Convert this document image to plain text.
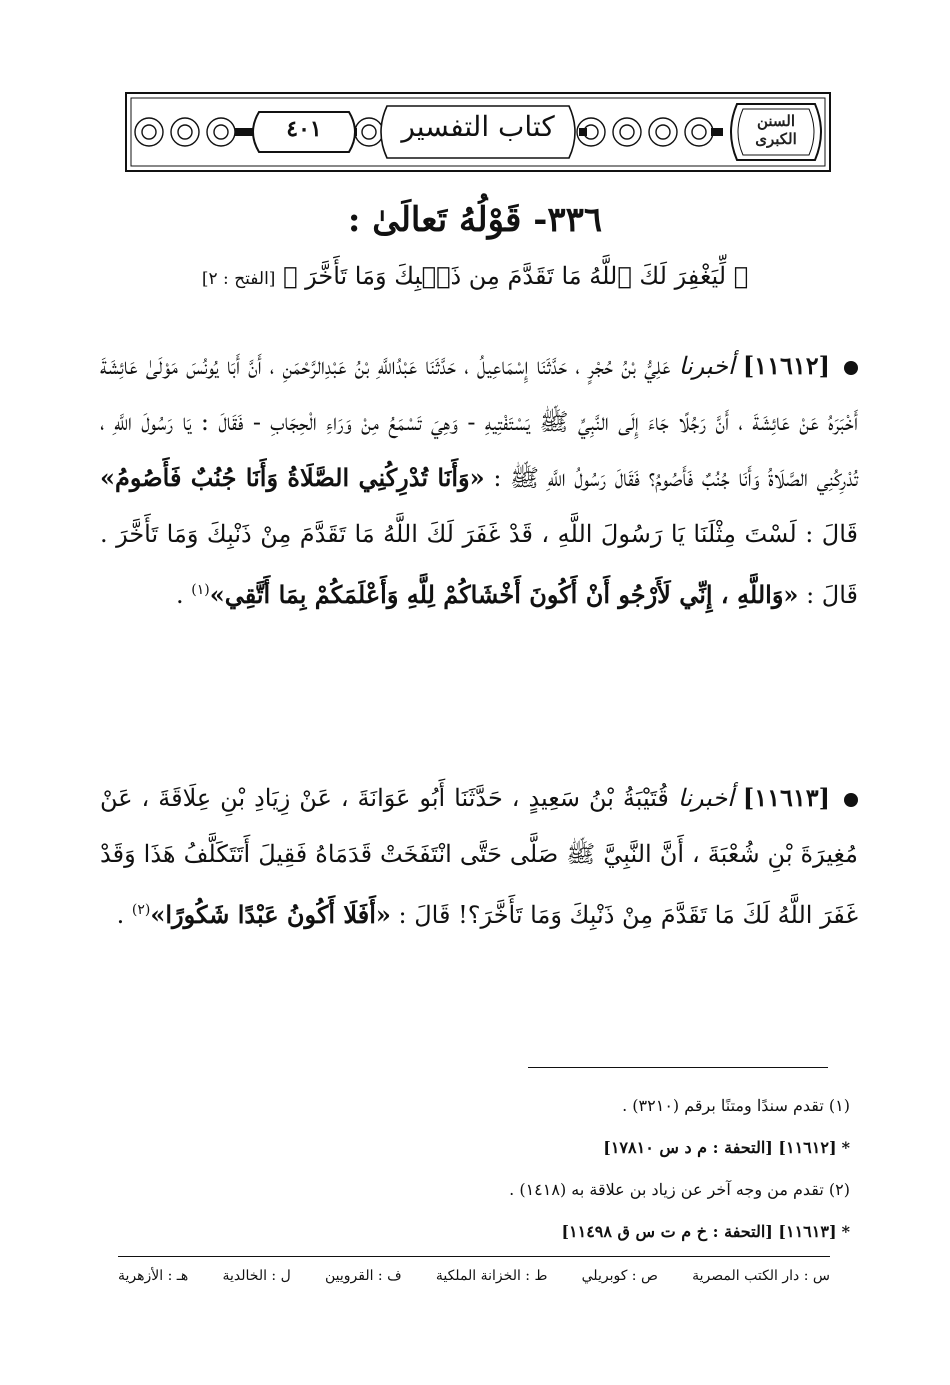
٤٠١	كتاب التفسير	السنن الكبرى
٣٣٦- قَوْلُهُ تَعالَىٰ :
﴿ لِّيَغْفِرَ لَكَ ٱللَّهُ مَا تَقَدَّمَ مِن ذَنۢبِكَ وَمَا تَأَخَّرَ ﴾ [الفتح : ٢]
[١١٦١٢] أخبرنا عَلِيُّ بْنُ حُجْرٍ ، حَدَّثَنَا إِسْمَاعِيلُ ، حَدَّثَنَا عَبْدُاللَّهِ بْنُ عَبْدِالرَّحْمَنِ ، أَنَّ أَبَا يُونُسَ مَوْلَىٰ عَائِشَةَ أَخْبَرَهُ عَنْ عَائِشَةَ ، أَنَّ رَجُلًا جَاءَ إِلَى النَّبِيِّ ﷺ يَسْتَفْتِيهِ - وَهِيَ تَسْمَعُ مِنْ وَرَاءِ الْحِجَابِ - فَقَالَ : يَا رَسُولَ اللَّهِ ، تُدْرِكُنِي الصَّلَاةُ وَأَنَا جُنُبٌ فَأَصُومُ؟ فَقَالَ رَسُولُ اللَّهِ ﷺ : «وَأَنَا تُدْرِكُنِي الصَّلَاةُ وَأَنَا جُنُبٌ فَأَصُومُ» قَالَ : لَسْتَ مِثْلَنَا يَا رَسُولَ اللَّهِ ، قَدْ غَفَرَ لَكَ اللَّهُ مَا تَقَدَّمَ مِنْ ذَنْبِكَ وَمَا تَأَخَّرَ . قَالَ : «وَاللَّهِ ، إِنِّي لَأَرْجُو أَنْ أَكُونَ أَخْشَاكُمْ لِلَّهِ وَأَعْلَمَكُمْ بِمَا أَتَّقِي»$^{(١)}$ .
[١١٦١٣] أخبرنا قُتَيْبَةُ بْنُ سَعِيدٍ ، حَدَّثَنَا أَبُو عَوَانَةَ ، عَنْ زِيَادِ بْنِ عِلَاقَةَ ، عَنْ مُغِيرَةَ بْنِ شُعْبَةَ ، أَنَّ النَّبِيَّ ﷺ صَلَّى حَتَّى انْتَفَخَتْ قَدَمَاهُ فَقِيلَ أَتَتَكَلَّفُ هَذَا وَقَدْ غَفَرَ اللَّهُ لَكَ مَا تَقَدَّمَ مِنْ ذَنْبِكَ وَمَا تَأَخَّرَ؟! قَالَ : «أَفَلَا أَكُونُ عَبْدًا شَكُورًا»$^{(٢)}$ .
(١) تقدم سندًا ومتنًا برقم (٣٢١٠) .
* [١١٦١٢] [التحفة : م د س ١٧٨١٠]
(٢) تقدم من وجه آخر عن زياد بن علاقة به (١٤١٨) .
* [١١٦١٣] [التحفة : خ م ت س ق ١١٤٩٨]
س : دار الكتب المصرية
ص : كوبريلي
ط : الخزانة الملكية
ف : القرويين
ل : الخالدية
هـ : الأزهرية
